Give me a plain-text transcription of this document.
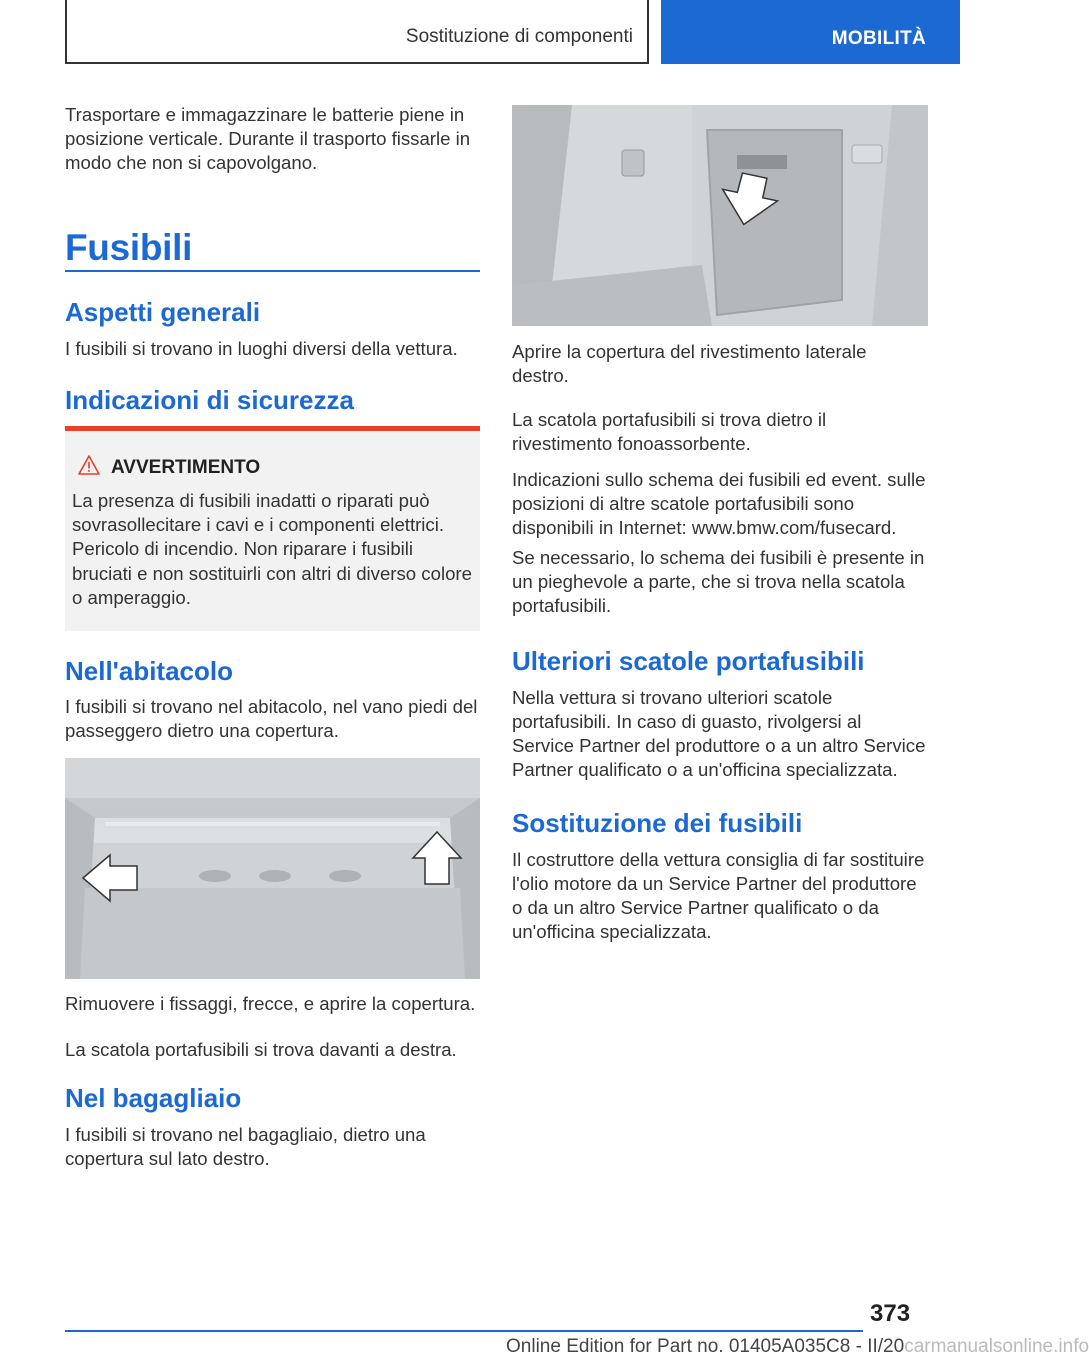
Sostituzione di componenti	MOBILITÀ

Trasportare e immagazzinare le batterie piene in posizione verticale. Durante il trasporto fissarle in modo che non si capovolgano.

Fusibili
Aspetti generali

I fusibili si trovano in luoghi diversi della vettura.

Indicazioni di sicurezza
AVVERTIMENTO

La presenza di fusibili inadatti o riparati può sovrasollecitare i cavi e i componenti elettrici. Pericolo di incendio. Non riparare i fusibili bruciati e non sostituirli con altri di diverso colore o amperaggio.

Nell'abitacolo

I fusibili si trovano nel abitacolo, nel vano piedi del passeggero dietro una copertura.

Rimuovere i fissaggi, frecce, e aprire la copertura.

La scatola portafusibili si trova davanti a destra.

Nel bagagliaio

I fusibili si trovano nel bagagliaio, dietro una copertura sul lato destro.

Aprire la copertura del rivestimento laterale destro.

La scatola portafusibili si trova dietro il rivestimento fonoassorbente.

Indicazioni sullo schema dei fusibili ed event. sulle posizioni di altre scatole portafusibili sono disponibili in Internet: www.bmw.com/fusecard.

Se necessario, lo schema dei fusibili è presente in un pieghevole a parte, che si trova nella scatola portafusibili.

Ulteriori scatole portafusibili

Nella vettura si trovano ulteriori scatole portafusibili. In caso di guasto, rivolgersi al Service Partner del produttore o a un altro Service Partner qualificato o a un'officina specializzata.

Sostituzione dei fusibili

Il costruttore della vettura consiglia di far sostituire l'olio motore da un Service Partner del produttore o da un altro Service Partner qualificato o da un'officina specializzata.

373
Online Edition for Part no. 01405A035C8 - II/20carmanualsonline.info
